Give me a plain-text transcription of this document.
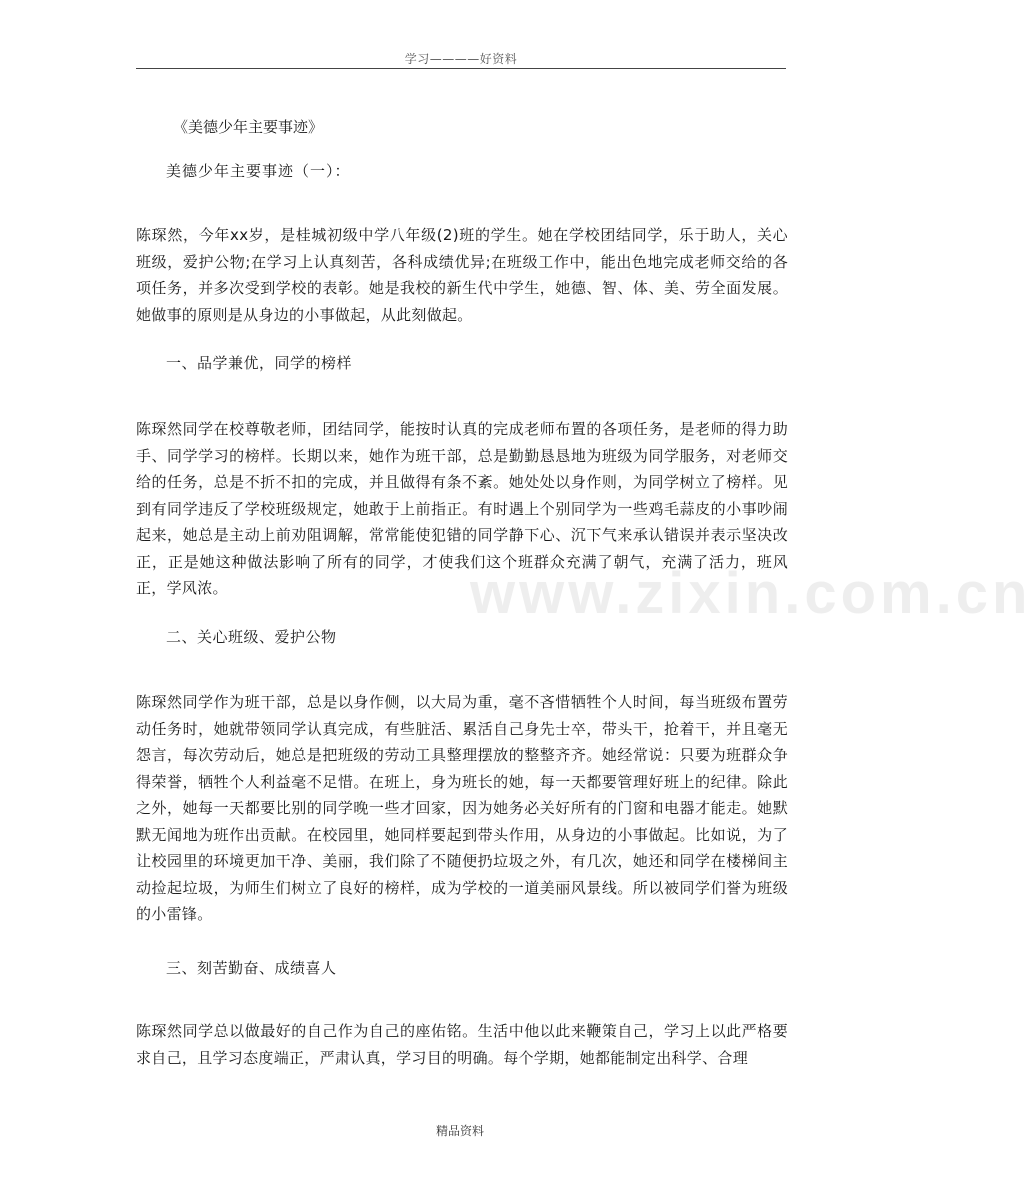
学习————好资料
《美德少年主要事迹》
美德少年主要事迹（一）：
陈琛然，今年xx岁，是桂城初级中学八年级(2)班的学生。她在学校团结同学，乐于助人，关心班级，爱护公物;在学习上认真刻苦，各科成绩优异;在班级工作中，能出色地完成老师交给的各项任务，并多次受到学校的表彰。她是我校的新生代中学生，她德、智、体、美、劳全面发展。她做事的原则是从身边的小事做起，从此刻做起。
一、品学兼优，同学的榜样
陈琛然同学在校尊敬老师，团结同学，能按时认真的完成老师布置的各项任务，是老师的得力助手、同学学习的榜样。长期以来，她作为班干部，总是勤勤恳恳地为班级为同学服务，对老师交给的任务，总是不折不扣的完成，并且做得有条不紊。她处处以身作则，为同学树立了榜样。见到有同学违反了学校班级规定，她敢于上前指正。有时遇上个别同学为一些鸡毛蒜皮的小事吵闹起来，她总是主动上前劝阻调解，常常能使犯错的同学静下心、沉下气来承认错误并表示坚决改正，正是她这种做法影响了所有的同学，才使我们这个班群众充满了朝气，充满了活力，班风正，学风浓。
二、关心班级、爱护公物
陈琛然同学作为班干部，总是以身作侧，以大局为重，毫不吝惜牺牲个人时间，每当班级布置劳动任务时，她就带领同学认真完成，有些脏活、累活自己身先士卒，带头干，抢着干，并且毫无怨言，每次劳动后，她总是把班级的劳动工具整理摆放的整整齐齐。她经常说：只要为班群众争得荣誉，牺牲个人利益毫不足惜。在班上，身为班长的她，每一天都要管理好班上的纪律。除此之外，她每一天都要比别的同学晚一些才回家，因为她务必关好所有的门窗和电器才能走。她默默无闻地为班作出贡献。在校园里，她同样要起到带头作用，从身边的小事做起。比如说，为了让校园里的环境更加干净、美丽，我们除了不随便扔垃圾之外，有几次，她还和同学在楼梯间主动捡起垃圾，为师生们树立了良好的榜样，成为学校的一道美丽风景线。所以被同学们誉为班级的小雷锋。
三、刻苦勤奋、成绩喜人
陈琛然同学总以做最好的自己作为自己的座佑铭。生活中他以此来鞭策自己，学习上以此严格要求自己，且学习态度端正，严肃认真，学习目的明确。每个学期，她都能制定出科学、合理
www.zixin.com.cn
精品资料
